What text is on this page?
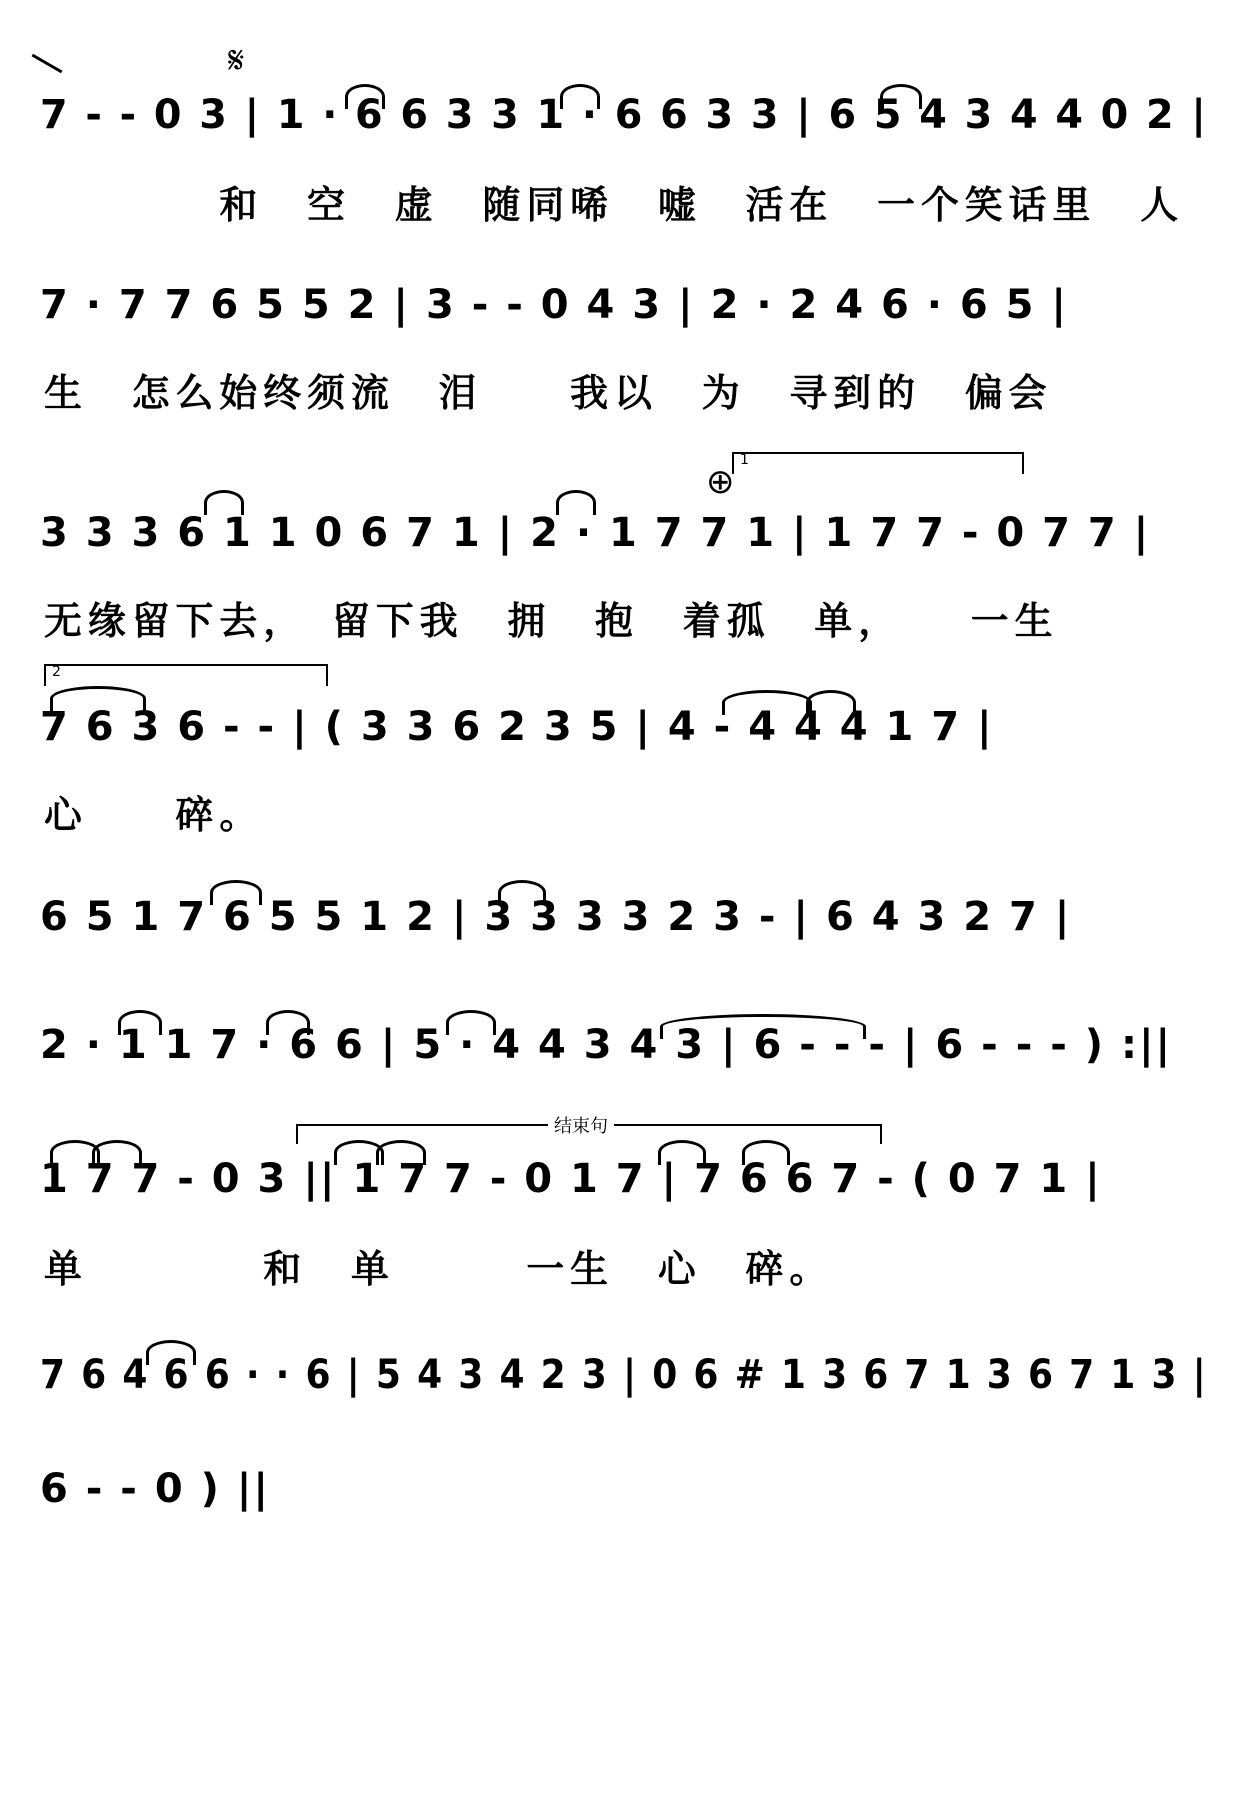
𝄋
⊕
1
2
结束句
7 - - 0 3 | 1 · 6 6 3 3 1 · 6 6 3 3 | 6 5 4 3 4 4 0 2 |
　　　　和　空　虚　随同唏　嘘　活在　一个笑话里　人
7 · 7 7 6 5 5 2 | 3 - - 0 4 3 | 2 · 2 4 6 · 6 5 |
生　怎么始终须流　泪　　我以　为　寻到的　偏会
3 3 3 6 1 1 0 6 7 1 | 2 · 1 7 7 1 | 1 7 7 - 0 7 7 |
无缘留下去，　留下我　拥　抱　着孤　单，　　一生
7 6 3 6 - - | ( 3 3 6 2 3 5 | 4 - 4 4 4 1 7 |
心　　碎。
6 5 1 7 6 5 5 1 2 | 3 3 3 3 2 3 - | 6 4 3 2 7 |
2 · 1 1 7 · 6 6 | 5 · 4 4 3 4 3 | 6 - - - | 6 - - - ) :||
1 7 7 - 0 3 || 1 7 7 - 0 1 7 | 7 6 6 7 - ( 0 7 1 |
单　　　　和　单　　　一生　心　碎。
7 6 4 6 6 · · 6 | 5 4 3 4 2 3 | 0 6 # 1 3 6 7 1 3 6 7 1 3 |
6 - - 0 ) ||
